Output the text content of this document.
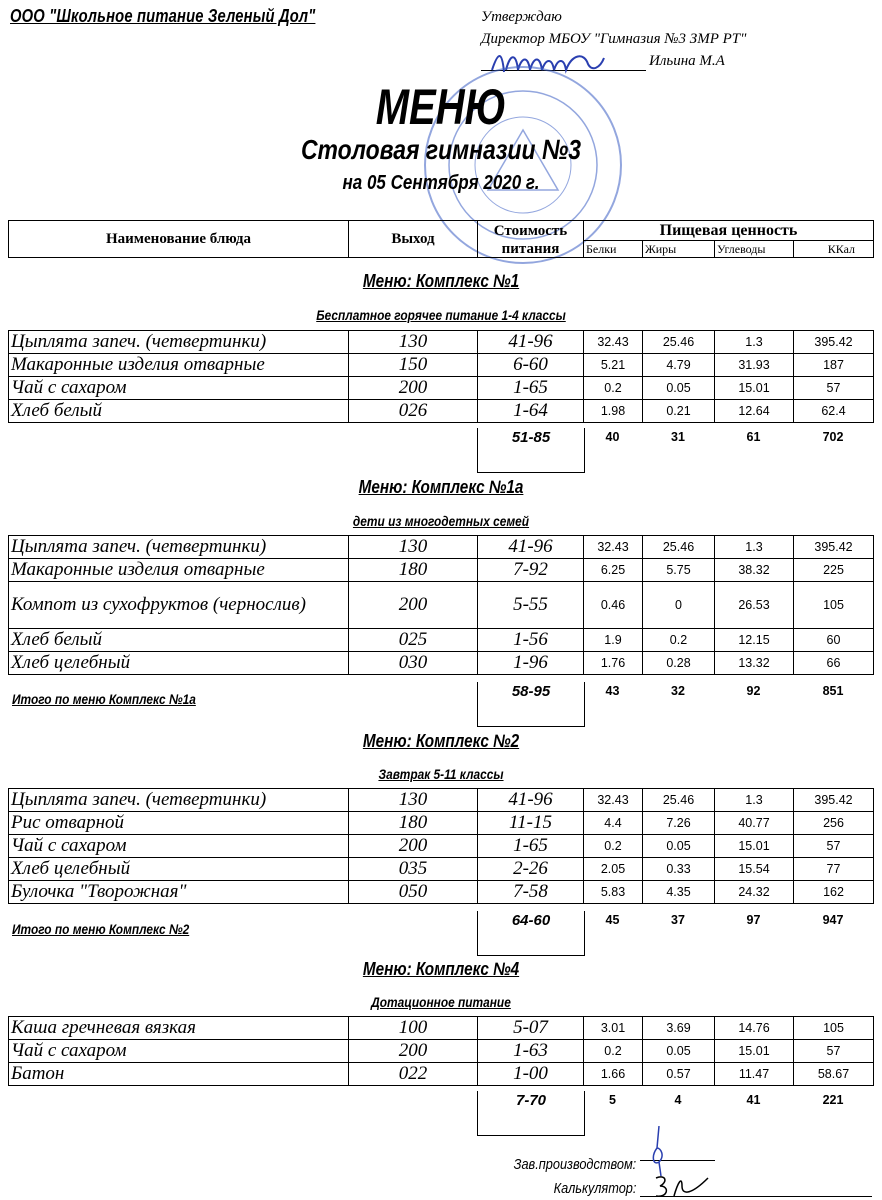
ООО "Школьное питание Зеленый Дол"	Утверждаю
Директор МБОУ "Гимназия №3 ЗМР РТ"
Ильина М.А
МЕНЮ
Столовая гимназии №3
на 05 Сентября 2020 г.
Наименование блюда	Выход	Стоимость	Пищевая ценность			
		питания	Белки	Жиры	Углеводы	ККал
Меню: Комплекс №1
Бесплатное горячее питание 1-4 классы
Цыплята запеч. (четвертинки)	130	41-96	32.43	25.46	1.3	395.42
Макаронные изделия отварные	150	6-60	5.21	4.79	31.93	187
Чай с сахаром	200	1-65	0.2	0.05	15.01	57
Хлеб белый	026	1-64	1.98	0.21	12.64	62.4
51-85	40	31	61	702
Меню: Комплекс №1а
дети из многодетных семей
Цыплята запеч. (четвертинки)	130	41-96	32.43	25.46	1.3	395.42
Макаронные изделия отварные	180	7-92	6.25	5.75	38.32	225
Компот из сухофруктов (чернослив)	200	5-55	0.46	0	26.53	105
Хлеб белый	025	1-56	1.9	0.2	12.15	60
Хлеб целебный	030	1-96	1.76	0.28	13.32	66
Итого по меню Комплекс №1а	58-95	43	32	92	851
Меню: Комплекс №2
Завтрак 5-11 классы
Цыплята запеч. (четвертинки)	130	41-96	32.43	25.46	1.3	395.42
Рис отварной	180	11-15	4.4	7.26	40.77	256
Чай с сахаром	200	1-65	0.2	0.05	15.01	57
Хлеб целебный	035	2-26	2.05	0.33	15.54	77
Булочка "Творожная"	050	7-58	5.83	4.35	24.32	162
Итого по меню Комплекс №2	64-60	45	37	97	947
Меню: Комплекс №4
Дотационное питание
Каша гречневая вязкая	100	5-07	3.01	3.69	14.76	105
Чай с сахаром	200	1-63	0.2	0.05	15.01	57
Батон	022	1-00	1.66	0.57	11.47	58.67
7-70	5	4	41	221
Зав.производством:
Калькулятор:
